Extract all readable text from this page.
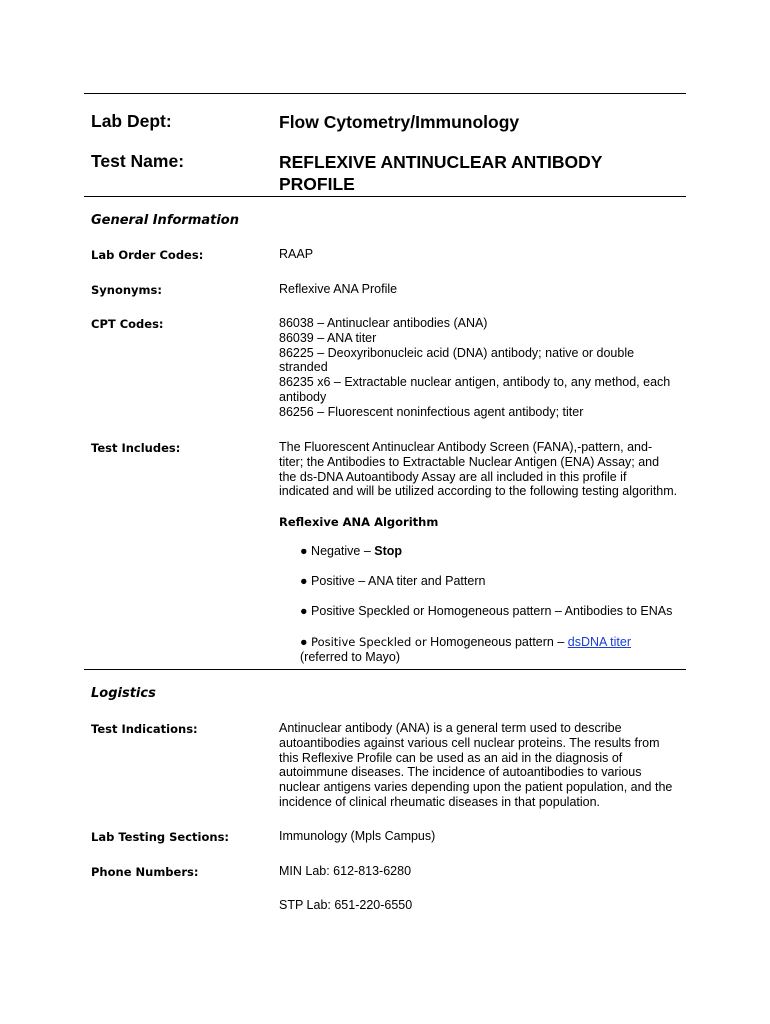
Lab Dept:	Flow Cytometry/Immunology
Test Name:	REFLEXIVE ANTINUCLEAR ANTIBODY
PROFILE
General Information
Lab Order Codes:	RAAP
Synonyms:	Reflexive ANA Profile
CPT Codes:	86038 – Antinuclear antibodies (ANA)
86039 – ANA titer
86225 – Deoxyribonucleic acid (DNA) antibody; native or double
stranded
86235 x6 – Extractable nuclear antigen, antibody to, any method, each
antibody
86256 – Fluorescent noninfectious agent antibody; titer
Test Includes:	The Fluorescent Antinuclear Antibody Screen (FANA),-pattern, and-
titer; the Antibodies to Extractable Nuclear Antigen (ENA) Assay; and
the ds-DNA Autoantibody Assay are all included in this profile if
indicated and will be utilized according to the following testing algorithm.
Reflexive ANA Algorithm
● Negative – Stop
● Positive – ANA titer and Pattern
● Positive Speckled or Homogeneous pattern – Antibodies to ENAs
● Positive Speckled or Homogeneous pattern – dsDNA titer
(referred to Mayo)
Logistics
Test Indications:	Antinuclear antibody (ANA) is a general term used to describe
autoantibodies against various cell nuclear proteins. The results from
this Reflexive Profile can be used as an aid in the diagnosis of
autoimmune diseases. The incidence of autoantibodies to various
nuclear antigens varies depending upon the patient population, and the
incidence of clinical rheumatic diseases in that population.
Lab Testing Sections:	Immunology (Mpls Campus)
Phone Numbers:	MIN Lab: 612-813-6280
STP Lab: 651-220-6550
